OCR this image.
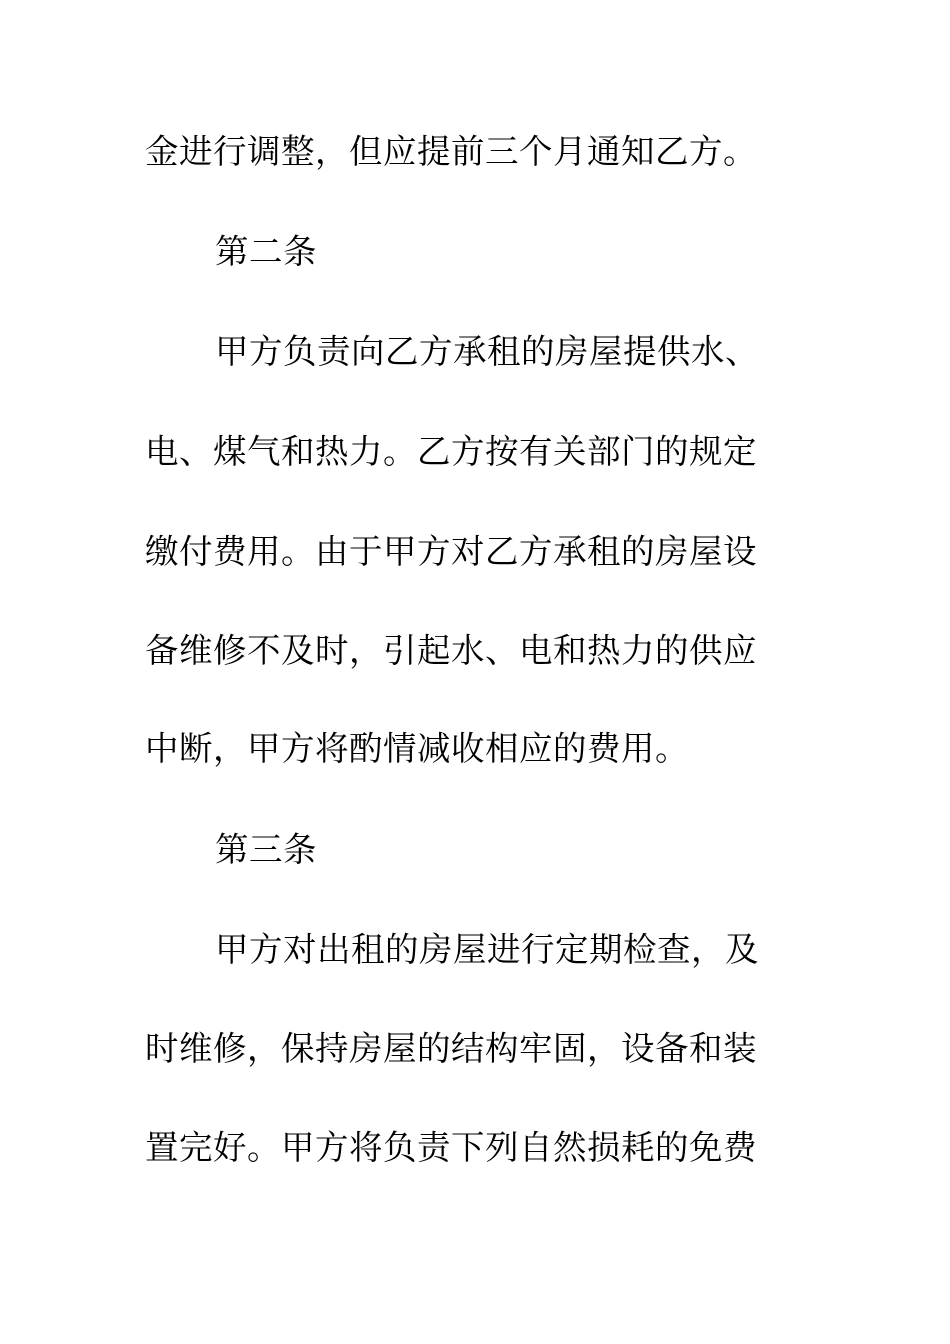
金进行调整，但应提前三个月通知乙方。
第二条
甲方负责向乙方承租的房屋提供水、
电、煤气和热力。乙方按有关部门的规定
缴付费用。由于甲方对乙方承租的房屋设
备维修不及时，引起水、电和热力的供应
中断，甲方将酌情减收相应的费用。
第三条
甲方对出租的房屋进行定期检查，及
时维修，保持房屋的结构牢固，设备和装
置完好。甲方将负责下列自然损耗的免费
